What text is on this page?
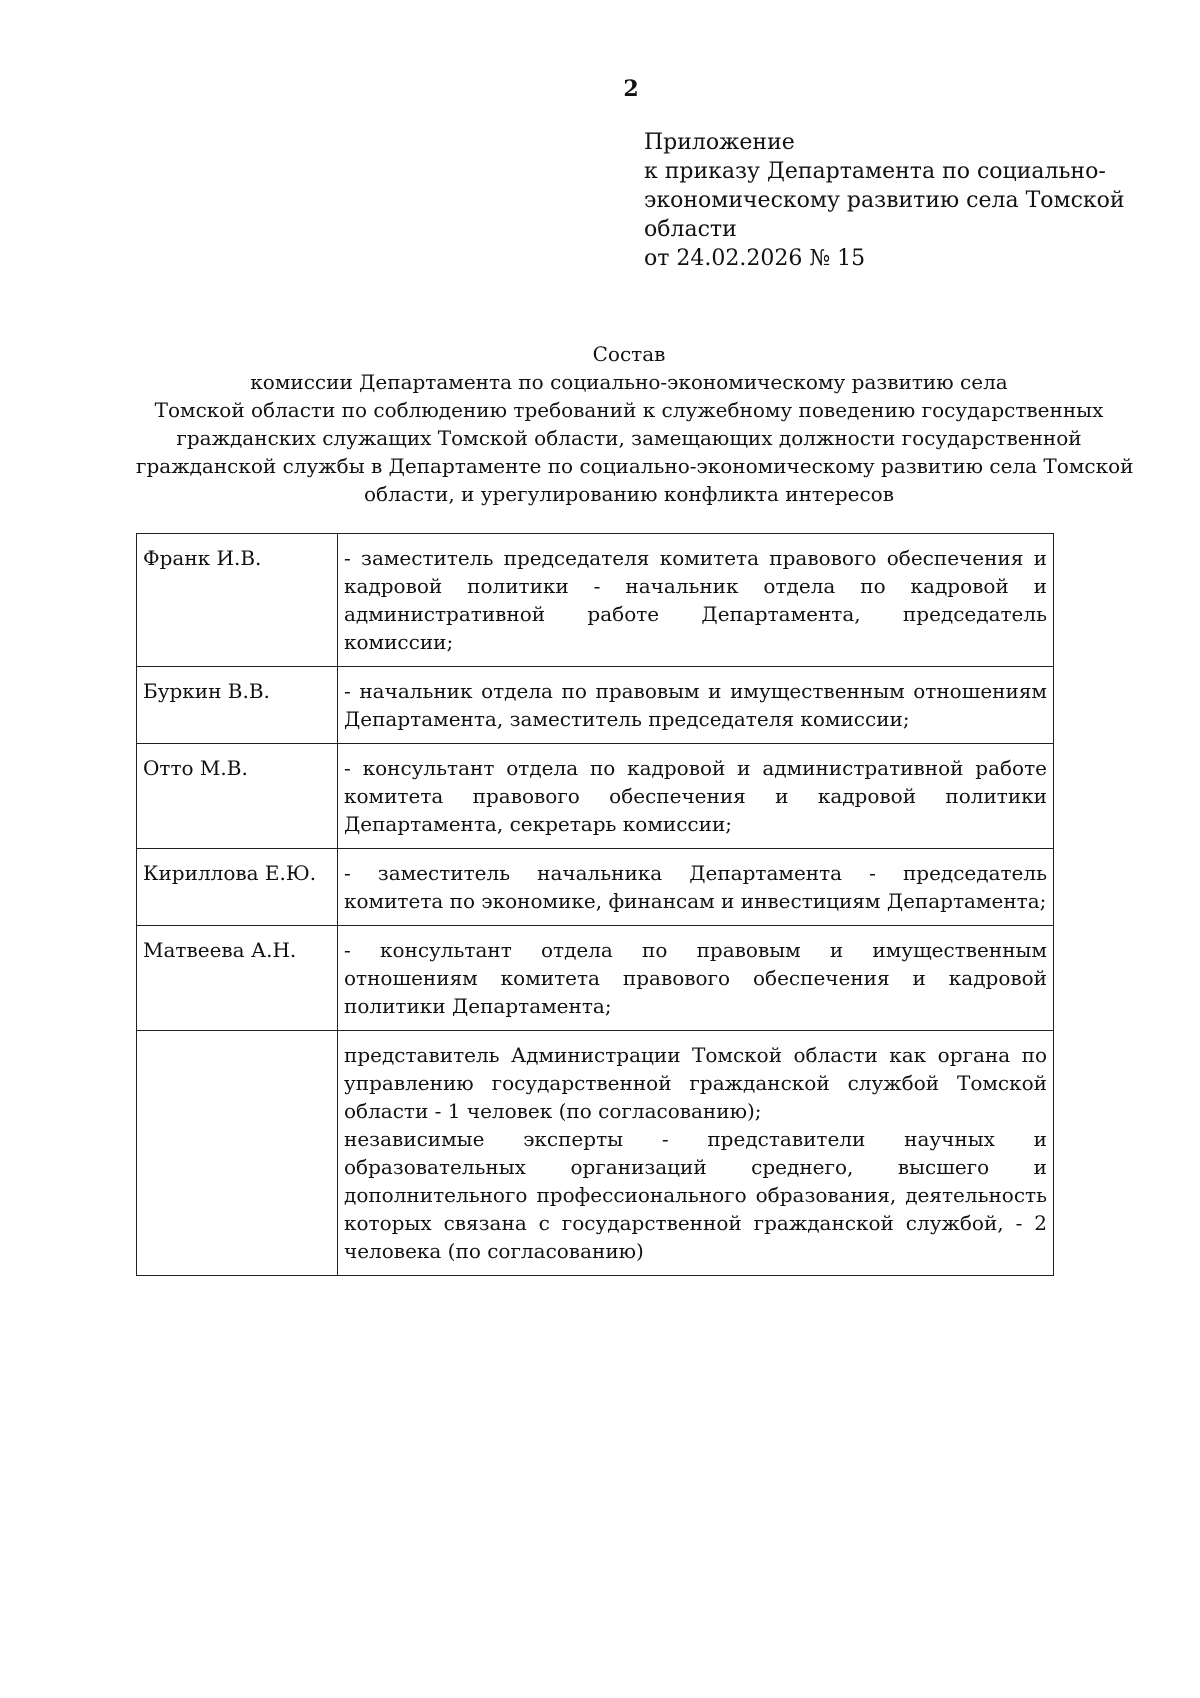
2
Приложение
к приказу Департамента по социально-
экономическому развитию села Томской
области
от 24.02.2026 № 15
Состав
комиссии Департамента по социально-экономическому развитию села
Томской области по соблюдению требований к служебному поведению государственных
гражданских служащих Томской области, замещающих должности государственной
гражданской службы в Департаменте по социально-экономическому развитию села Томской
области, и урегулированию конфликта интересов
Франк И.В.	- заместитель председателя комитета правового обеспечения и кадровой политики - начальник отдела по кадровой и административной работе Департамента, председатель комиссии;
Буркин В.В.	- начальник отдела по правовым и имущественным отношениям Департамента, заместитель председателя комиссии;
Отто М.В.	- консультант отдела по кадровой и административной работе комитета правового обеспечения и кадровой политики Департамента, секретарь комиссии;
Кириллова Е.Ю.	- заместитель начальника Департамента - председатель комитета по экономике, финансам и инвестициям Департамента;
Матвеева А.Н.	- консультант отдела по правовым и имущественным отношениям комитета правового обеспечения и кадровой политики Департамента;

	представитель Администрации Томской области как органа по управлению государственной гражданской службой Томской области - 1 человек (по согласованию);
независимые эксперты - представители научных и образовательных организаций среднего, высшего и дополнительного профессионального образования, деятельность которых связана с государственной гражданской службой, - 2 человека (по согласованию)
